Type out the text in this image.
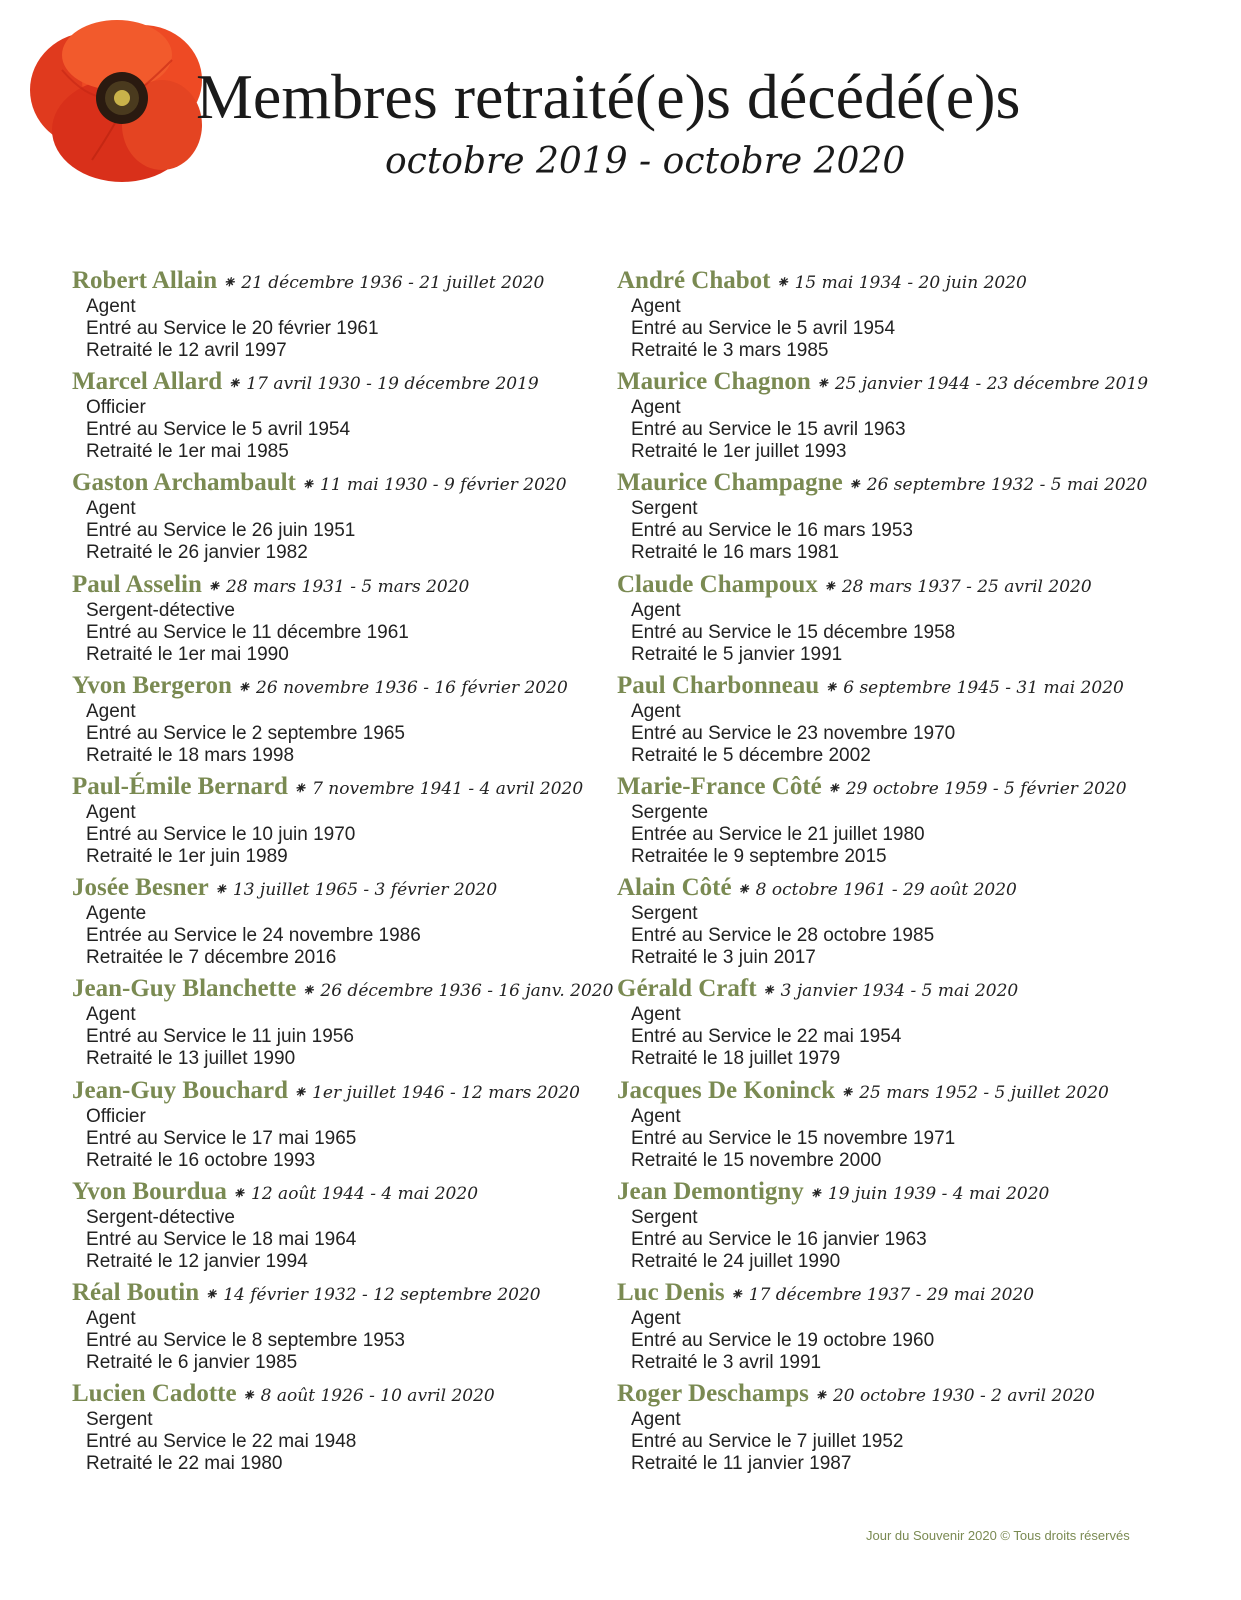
Membres retraité(e)s décédé(e)s
octobre 2019 - octobre 2020
Robert Allain ⁕ 21 décembre 1936 - 21 juillet 2020
Agent
Entré au Service le 20 février 1961
Retraité le 12 avril 1997
Marcel Allard ⁕ 17 avril 1930 - 19 décembre 2019
Officier
Entré au Service le 5 avril 1954
Retraité le 1er mai 1985
Gaston Archambault ⁕ 11 mai 1930 - 9 février 2020
Agent
Entré au Service le 26 juin 1951
Retraité le 26 janvier 1982
Paul Asselin ⁕ 28 mars 1931 - 5 mars 2020
Sergent-détective
Entré au Service le 11 décembre 1961
Retraité le 1er mai 1990
Yvon Bergeron ⁕ 26 novembre 1936 - 16 février 2020
Agent
Entré au Service le 2 septembre 1965
Retraité le 18 mars 1998
Paul-Émile Bernard ⁕ 7 novembre 1941 - 4 avril 2020
Agent
Entré au Service le 10 juin 1970
Retraité le 1er juin 1989
Josée Besner ⁕ 13 juillet 1965 - 3 février 2020
Agente
Entrée au Service le 24 novembre 1986
Retraitée le 7 décembre 2016
Jean-Guy Blanchette ⁕ 26 décembre 1936 - 16 janv. 2020
Agent
Entré au Service le 11 juin 1956
Retraité le 13 juillet 1990
Jean-Guy Bouchard ⁕ 1er juillet 1946 - 12 mars 2020
Officier
Entré au Service le 17 mai 1965
Retraité le 16 octobre 1993
Yvon Bourdua ⁕ 12 août 1944 - 4 mai 2020
Sergent-détective
Entré au Service le 18 mai 1964
Retraité le 12 janvier 1994
Réal Boutin ⁕ 14 février 1932 - 12 septembre 2020
Agent
Entré au Service le 8 septembre 1953
Retraité le 6 janvier 1985
Lucien Cadotte ⁕ 8 août 1926 - 10 avril 2020
Sergent
Entré au Service le 22 mai 1948
Retraité le 22 mai 1980
André Chabot ⁕ 15 mai 1934 - 20 juin 2020
Agent
Entré au Service le 5 avril 1954
Retraité le 3 mars 1985
Maurice Chagnon ⁕ 25 janvier 1944 - 23 décembre 2019
Agent
Entré au Service le 15 avril 1963
Retraité le 1er juillet 1993
Maurice Champagne ⁕ 26 septembre 1932 - 5 mai 2020
Sergent
Entré au Service le 16 mars 1953
Retraité le 16 mars 1981
Claude Champoux ⁕ 28 mars 1937 - 25 avril 2020
Agent
Entré au Service le 15 décembre 1958
Retraité le 5 janvier 1991
Paul Charbonneau ⁕ 6 septembre 1945 - 31 mai 2020
Agent
Entré au Service le 23 novembre 1970
Retraité le 5 décembre 2002
Marie-France Côté ⁕ 29 octobre 1959 - 5 février 2020
Sergente
Entrée au Service le 21 juillet 1980
Retraitée le 9 septembre 2015
Alain Côté ⁕ 8 octobre 1961 - 29 août 2020
Sergent
Entré au Service le 28 octobre 1985
Retraité le 3 juin 2017
Gérald Craft ⁕ 3 janvier 1934 - 5 mai 2020
Agent
Entré au Service le 22 mai 1954
Retraité le 18 juillet 1979
Jacques De Koninck ⁕ 25 mars 1952 - 5 juillet 2020
Agent
Entré au Service le 15 novembre 1971
Retraité le 15 novembre 2000
Jean Demontigny ⁕ 19 juin 1939 - 4 mai 2020
Sergent
Entré au Service le 16 janvier 1963
Retraité le 24 juillet 1990
Luc Denis ⁕ 17 décembre 1937 - 29 mai 2020
Agent
Entré au Service le 19 octobre 1960
Retraité le 3 avril 1991
Roger Deschamps ⁕ 20 octobre 1930 - 2 avril 2020
Agent
Entré au Service le 7 juillet 1952
Retraité le 11 janvier 1987
Jour du Souvenir 2020 © Tous droits réservés
